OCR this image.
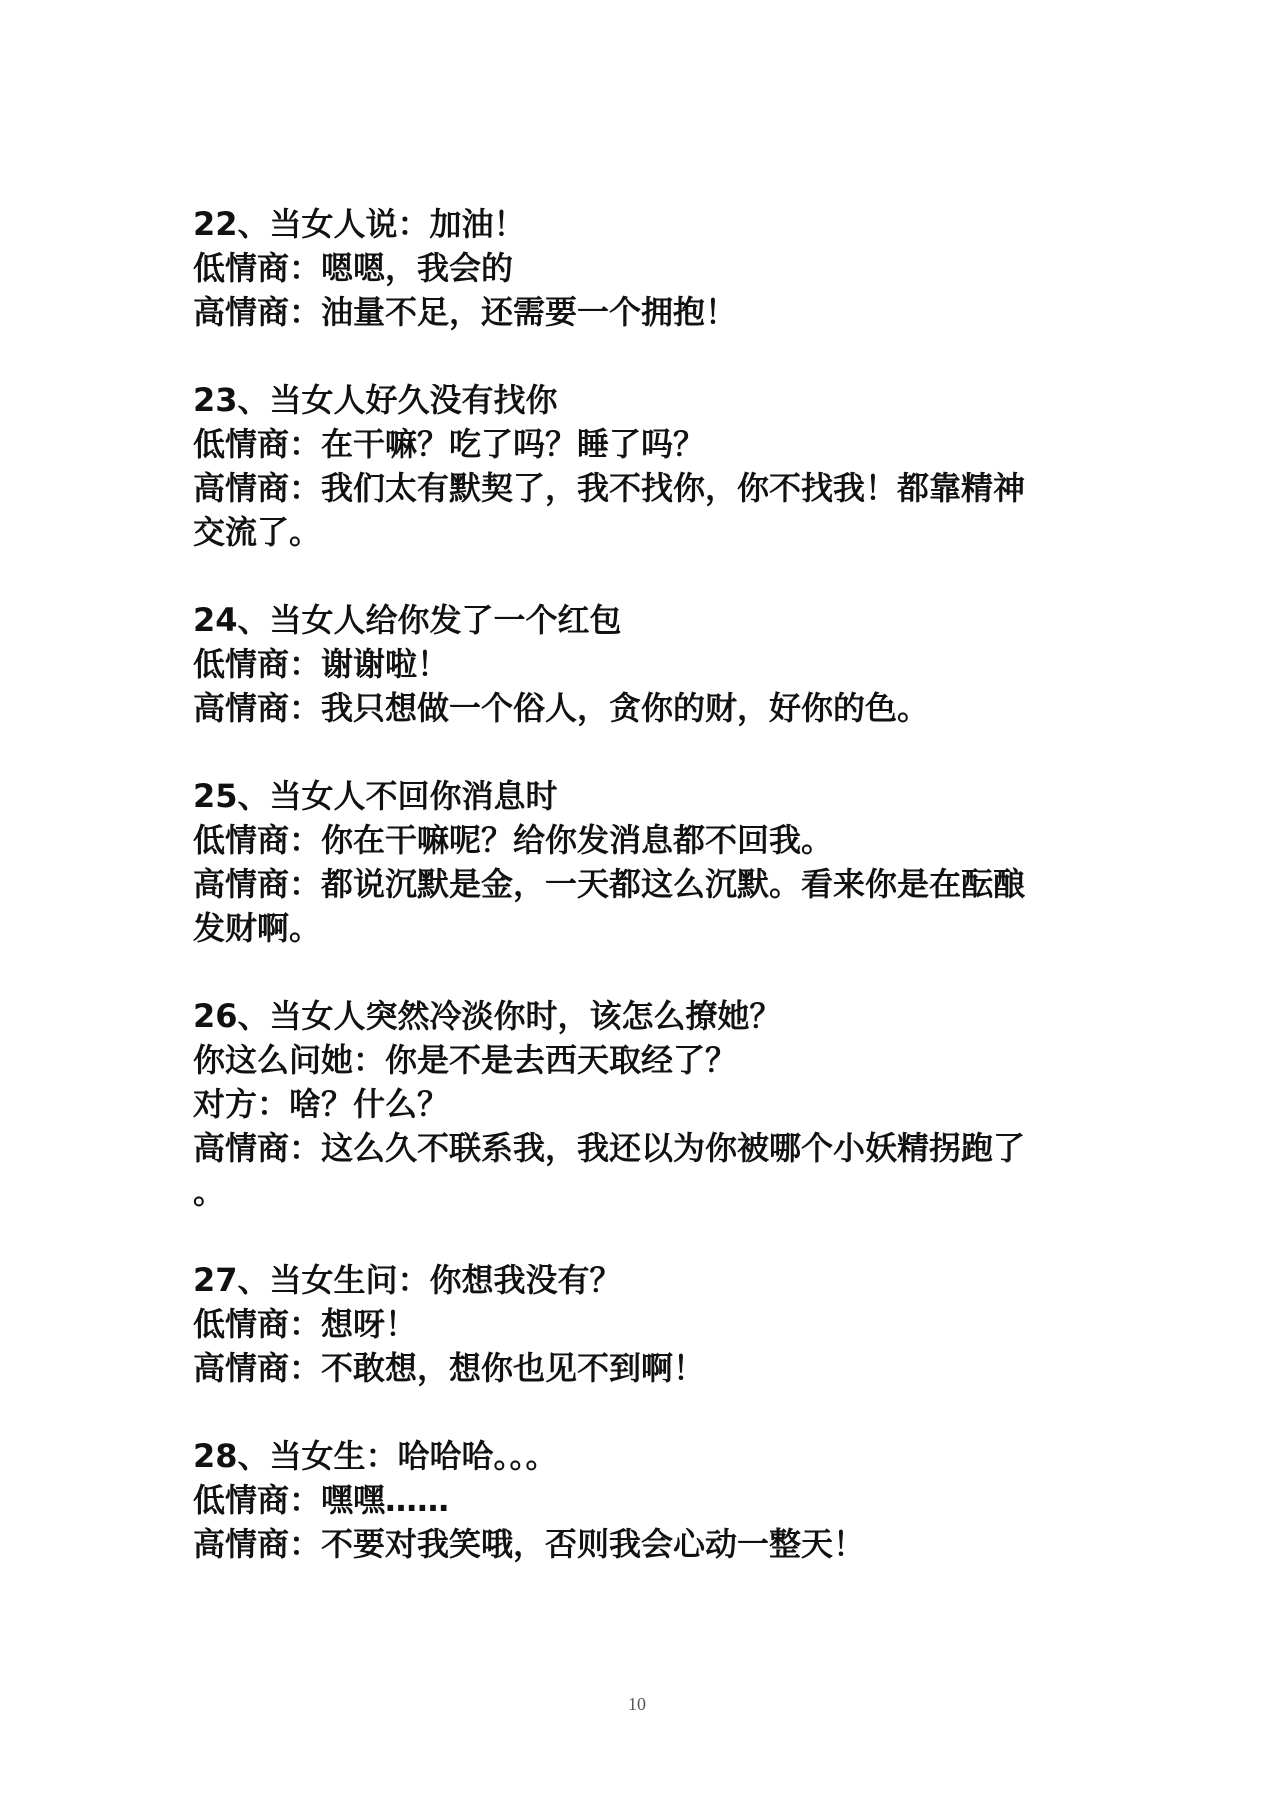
22、当女人说：加油！
低情商：嗯嗯，我会的
高情商：油量不足，还需要一个拥抱！
23、当女人好久没有找你
低情商：在干嘛？吃了吗？睡了吗？
高情商：我们太有默契了，我不找你，你不找我！都靠精神
交流了。
24、当女人给你发了一个红包
低情商：谢谢啦！
高情商：我只想做一个俗人，贪你的财，好你的色。
25、当女人不回你消息时
低情商：你在干嘛呢？给你发消息都不回我。
高情商：都说沉默是金，一天都这么沉默。看来你是在酝酿
发财啊。
26、当女人突然冷淡你时，该怎么撩她？
你这么问她：你是不是去西天取经了？
对方：啥？什么？
高情商：这么久不联系我，我还以为你被哪个小妖精拐跑了
。
27、当女生问：你想我没有？
低情商：想呀！
高情商：不敢想，想你也见不到啊！
28、当女生：哈哈哈。。。
低情商：嘿嘿……
高情商：不要对我笑哦，否则我会心动一整天！
10
